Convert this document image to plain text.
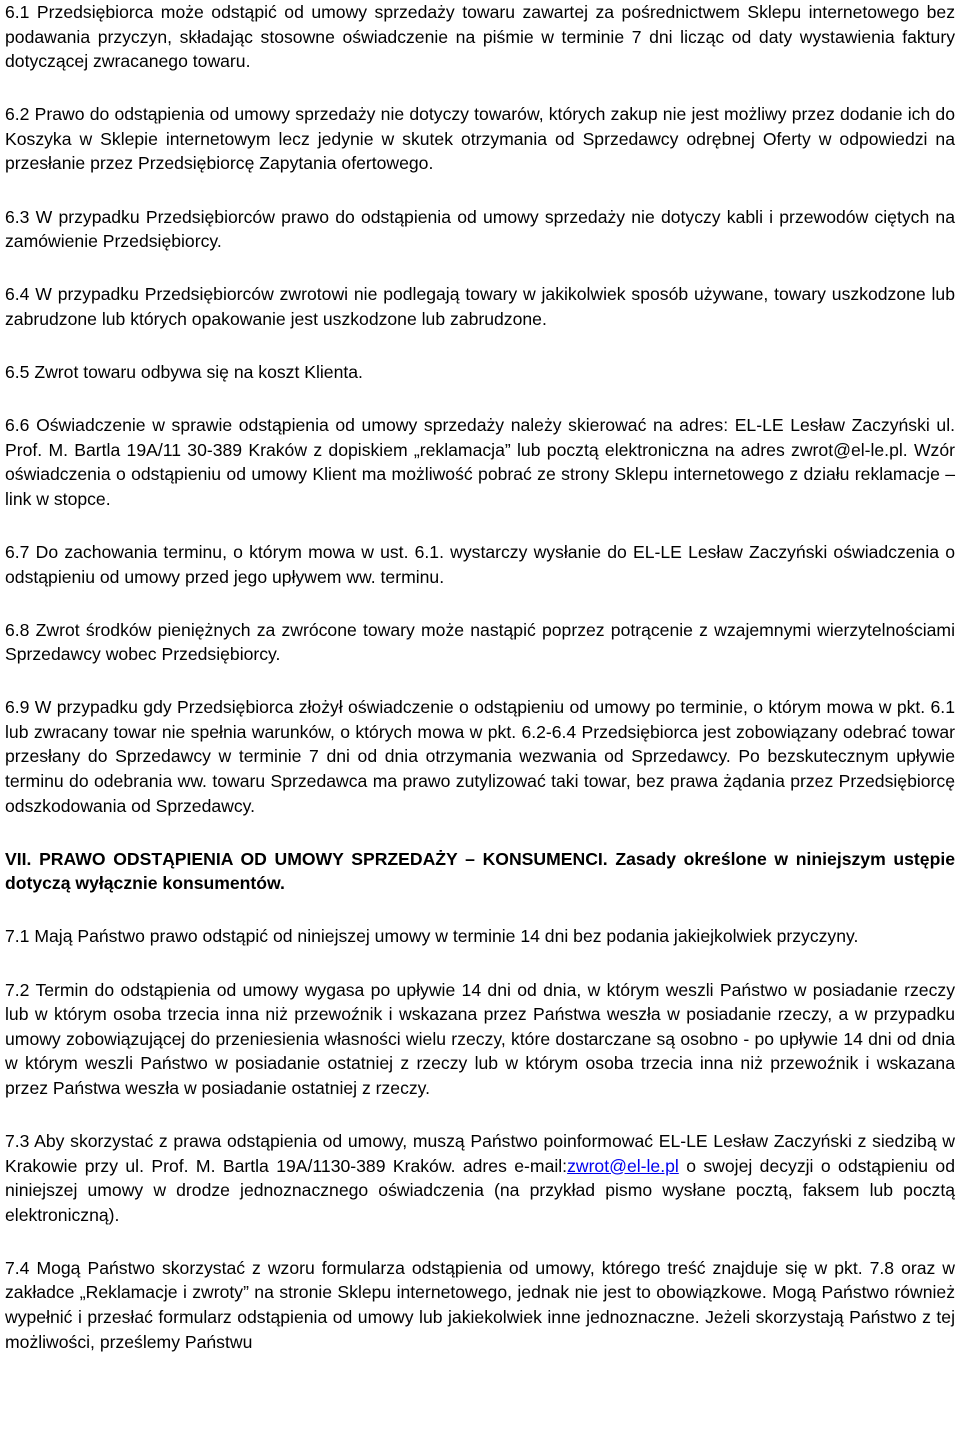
6.1 Przedsiębiorca może odstąpić od umowy sprzedaży towaru zawartej za pośrednictwem Sklepu internetowego bez podawania przyczyn, składając stosowne oświadczenie na piśmie w terminie 7 dni licząc od daty wystawienia faktury dotyczącej zwracanego towaru.

6.2 Prawo do odstąpienia od umowy sprzedaży nie dotyczy towarów, których zakup nie jest możliwy przez dodanie ich do Koszyka w Sklepie internetowym lecz jedynie w skutek otrzymania od Sprzedawcy odrębnej Oferty w odpowiedzi na przesłanie przez Przedsiębiorcę Zapytania ofertowego.

6.3 W przypadku Przedsiębiorców prawo do odstąpienia od umowy sprzedaży nie dotyczy kabli i przewodów ciętych na zamówienie Przedsiębiorcy.

6.4 W przypadku Przedsiębiorców zwrotowi nie podlegają towary w jakikolwiek sposób używane, towary uszkodzone lub zabrudzone lub których opakowanie jest uszkodzone lub zabrudzone.

6.5 Zwrot towaru odbywa się na koszt Klienta.

6.6 Oświadczenie w sprawie odstąpienia od umowy sprzedaży należy skierować na adres: EL-LE Lesław Zaczyński ul. Prof. M. Bartla 19A/11 30-389 Kraków z dopiskiem „reklamacja” lub pocztą elektroniczna na adres zwrot@el-le.pl. Wzór oświadczenia o odstąpieniu od umowy Klient ma możliwość pobrać ze strony Sklepu internetowego z działu reklamacje – link w stopce.

6.7 Do zachowania terminu, o którym mowa w ust. 6.1. wystarczy wysłanie do EL-LE Lesław Zaczyński oświadczenia o odstąpieniu od umowy przed jego upływem ww. terminu.

6.8 Zwrot środków pieniężnych za zwrócone towary może nastąpić poprzez potrącenie z wzajemnymi wierzytelnościami Sprzedawcy wobec Przedsiębiorcy.

6.9 W przypadku gdy Przedsiębiorca złożył oświadczenie o odstąpieniu od umowy po terminie, o którym mowa w pkt. 6.1 lub zwracany towar nie spełnia warunków, o których mowa w pkt. 6.2-6.4 Przedsiębiorca jest zobowiązany odebrać towar przesłany do Sprzedawcy w terminie 7 dni od dnia otrzymania wezwania od Sprzedawcy. Po bezskutecznym upływie terminu do odebrania ww. towaru Sprzedawca ma prawo zutylizować taki towar, bez prawa żądania przez Przedsiębiorcę odszkodowania od Sprzedawcy.

VII. PRAWO ODSTĄPIENIA OD UMOWY SPRZEDAŻY – KONSUMENCI. Zasady określone w niniejszym ustępie dotyczą wyłącznie konsumentów.

7.1 Mają Państwo prawo odstąpić od niniejszej umowy w terminie 14 dni bez podania jakiejkolwiek przyczyny.

7.2 Termin do odstąpienia od umowy wygasa po upływie 14 dni od dnia, w którym weszli Państwo w posiadanie rzeczy lub w którym osoba trzecia inna niż przewoźnik i wskazana przez Państwa weszła w posiadanie rzeczy, a w przypadku umowy zobowiązującej do przeniesienia własności wielu rzeczy, które dostarczane są osobno - po upływie 14 dni od dnia w którym weszli Państwo w posiadanie ostatniej z rzeczy lub w którym osoba trzecia inna niż przewoźnik i wskazana przez Państwa weszła w posiadanie ostatniej z rzeczy.

7.3 Aby skorzystać z prawa odstąpienia od umowy, muszą Państwo poinformować EL-LE Lesław Zaczyński z siedzibą w Krakowie przy ul. Prof. M. Bartla 19A/1130-389 Kraków. adres e-mail:zwrot@el-le.pl o swojej decyzji o odstąpieniu od niniejszej umowy w drodze jednoznacznego oświadczenia (na przykład pismo wysłane pocztą, faksem lub pocztą elektroniczną).

7.4 Mogą Państwo skorzystać z wzoru formularza odstąpienia od umowy, którego treść znajduje się w pkt. 7.8 oraz w zakładce „Reklamacje i zwroty” na stronie Sklepu internetowego, jednak nie jest to obowiązkowe. Mogą Państwo również wypełnić i przesłać formularz odstąpienia od umowy lub jakiekolwiek inne jednoznaczne. Jeżeli skorzystają Państwo z tej możliwości, prześlemy Państwu
